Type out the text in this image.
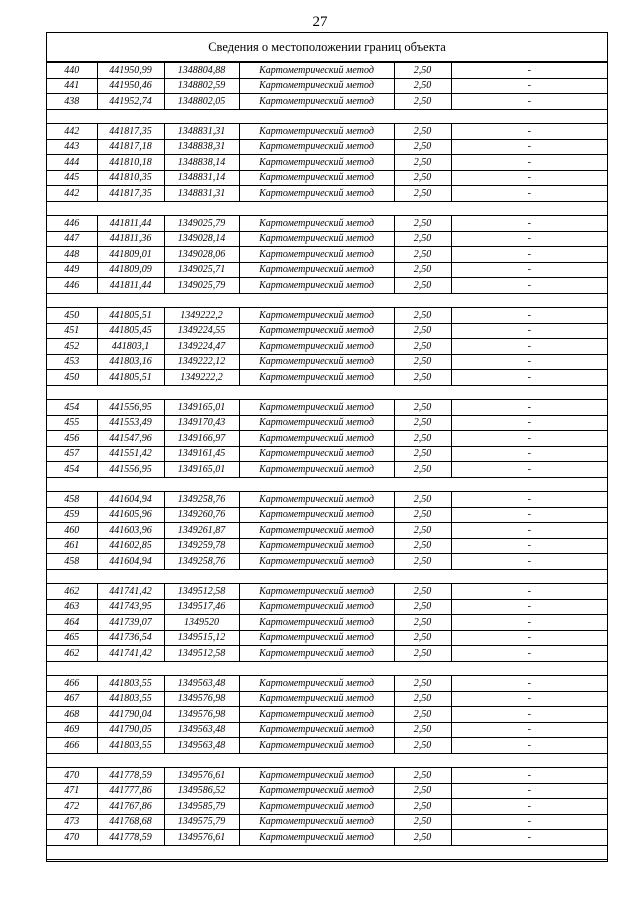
27
Сведения о местоположении границ объекта
440	441950,99	1348804,88	Картометрический метод	2,50	-
441	441950,46	1348802,59	Картометрический метод	2,50	-
438	441952,74	1348802,05	Картометрический метод	2,50	-

442	441817,35	1348831,31	Картометрический метод	2,50	-
443	441817,18	1348838,31	Картометрический метод	2,50	-
444	441810,18	1348838,14	Картометрический метод	2,50	-
445	441810,35	1348831,14	Картометрический метод	2,50	-
442	441817,35	1348831,31	Картометрический метод	2,50	-

446	441811,44	1349025,79	Картометрический метод	2,50	-
447	441811,36	1349028,14	Картометрический метод	2,50	-
448	441809,01	1349028,06	Картометрический метод	2,50	-
449	441809,09	1349025,71	Картометрический метод	2,50	-
446	441811,44	1349025,79	Картометрический метод	2,50	-

450	441805,51	1349222,2	Картометрический метод	2,50	-
451	441805,45	1349224,55	Картометрический метод	2,50	-
452	441803,1	1349224,47	Картометрический метод	2,50	-
453	441803,16	1349222,12	Картометрический метод	2,50	-
450	441805,51	1349222,2	Картометрический метод	2,50	-

454	441556,95	1349165,01	Картометрический метод	2,50	-
455	441553,49	1349170,43	Картометрический метод	2,50	-
456	441547,96	1349166,97	Картометрический метод	2,50	-
457	441551,42	1349161,45	Картометрический метод	2,50	-
454	441556,95	1349165,01	Картометрический метод	2,50	-

458	441604,94	1349258,76	Картометрический метод	2,50	-
459	441605,96	1349260,76	Картометрический метод	2,50	-
460	441603,96	1349261,87	Картометрический метод	2,50	-
461	441602,85	1349259,78	Картометрический метод	2,50	-
458	441604,94	1349258,76	Картометрический метод	2,50	-

462	441741,42	1349512,58	Картометрический метод	2,50	-
463	441743,95	1349517,46	Картометрический метод	2,50	-
464	441739,07	1349520	Картометрический метод	2,50	-
465	441736,54	1349515,12	Картометрический метод	2,50	-
462	441741,42	1349512,58	Картометрический метод	2,50	-

466	441803,55	1349563,48	Картометрический метод	2,50	-
467	441803,55	1349576,98	Картометрический метод	2,50	-
468	441790,04	1349576,98	Картометрический метод	2,50	-
469	441790,05	1349563,48	Картометрический метод	2,50	-
466	441803,55	1349563,48	Картометрический метод	2,50	-

470	441778,59	1349576,61	Картометрический метод	2,50	-
471	441777,86	1349586,52	Картометрический метод	2,50	-
472	441767,86	1349585,79	Картометрический метод	2,50	-
473	441768,68	1349575,79	Картометрический метод	2,50	-
470	441778,59	1349576,61	Картометрический метод	2,50	-
